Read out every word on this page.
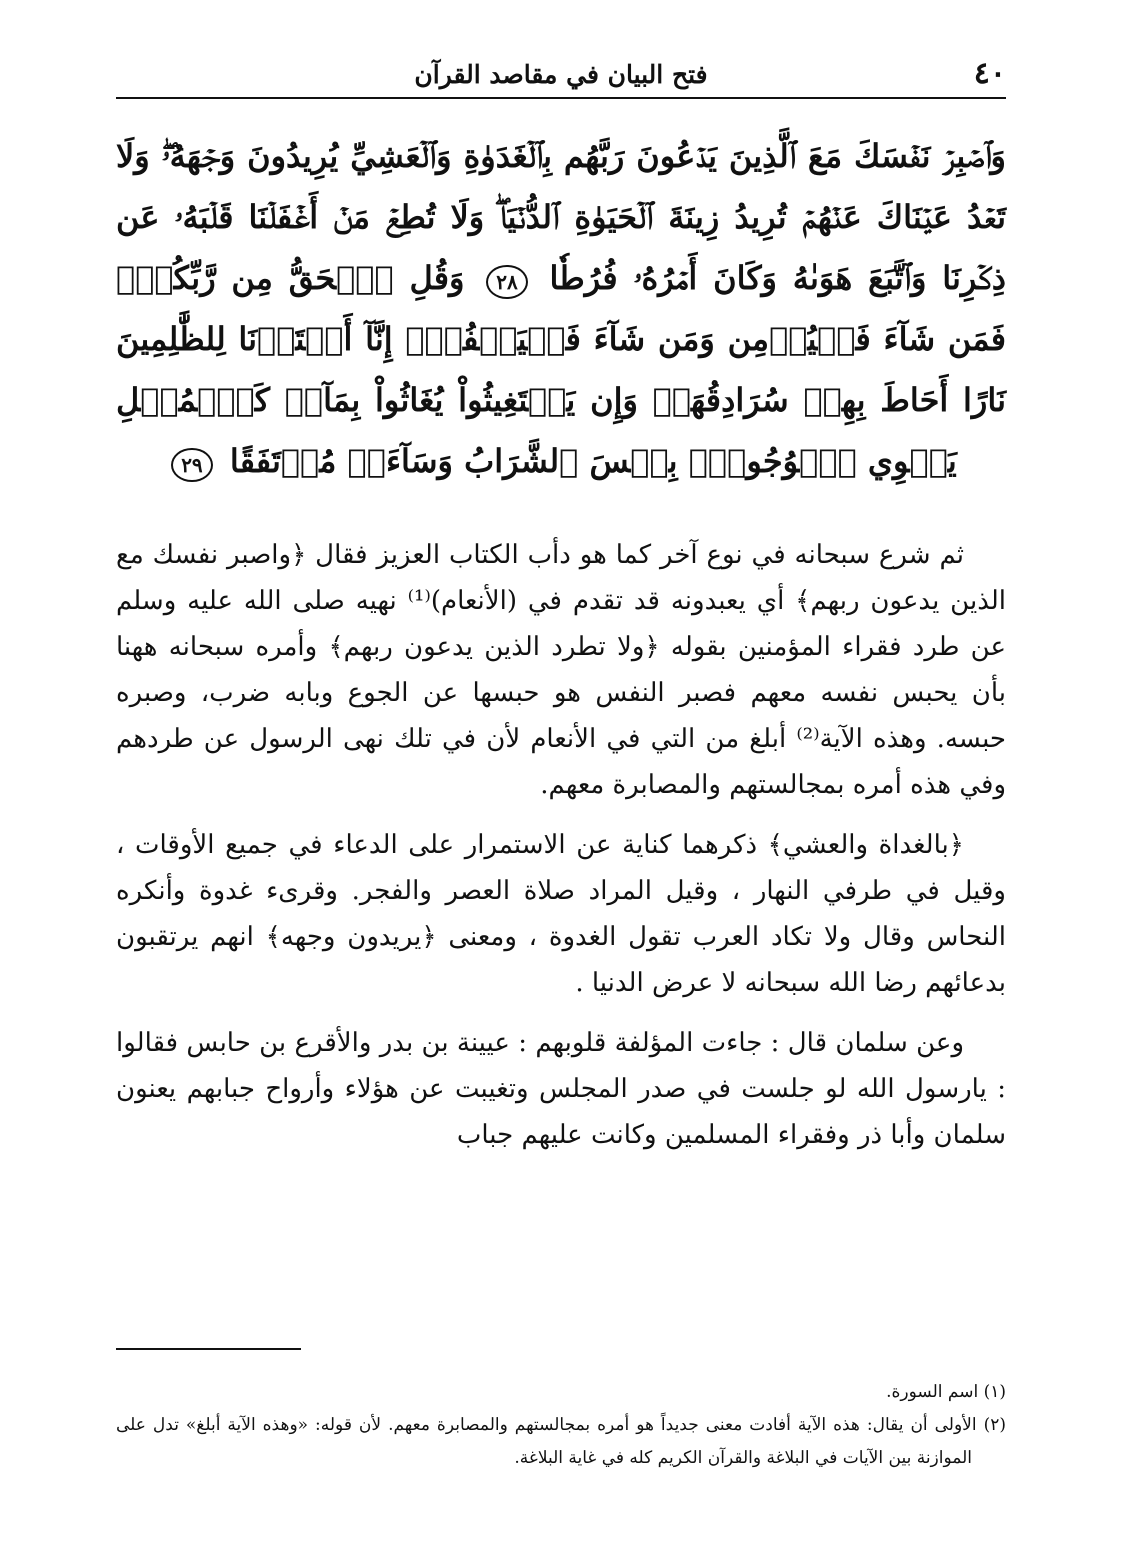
٤٠
فتح البيان في مقاصد القرآن
وَٱصۡبِرۡ نَفۡسَكَ مَعَ ٱلَّذِينَ يَدۡعُونَ رَبَّهُم بِٱلۡغَدَوٰةِ وَٱلۡعَشِيِّ يُرِيدُونَ وَجۡهَهُۥۖ وَلَا تَعۡدُ عَيۡنَاكَ عَنۡهُمۡ تُرِيدُ زِينَةَ ٱلۡحَيَوٰةِ ٱلدُّنۡيَاۖ وَلَا تُطِعۡ مَنۡ أَغۡفَلۡنَا قَلۡبَهُۥ عَن ذِكۡرِنَا وَٱتَّبَعَ هَوَىٰهُ وَكَانَ أَمۡرُهُۥ فُرُطٗا ٢٨ وَقُلِ ٱلۡحَقُّ مِن رَّبِّكُمۡۖ فَمَن شَآءَ فَلۡيُؤۡمِن وَمَن شَآءَ فَلۡيَكۡفُرۡۚ إِنَّآ أَعۡتَدۡنَا لِلظَّٰلِمِينَ نَارًا أَحَاطَ بِهِمۡ سُرَادِقُهَاۚ وَإِن يَسۡتَغِيثُواْ يُغَاثُواْ بِمَآءٖ كَٱلۡمُهۡلِ يَشۡوِي ٱلۡوُجُوهَۚ بِئۡسَ ٱلشَّرَابُ وَسَآءَتۡ مُرۡتَفَقًا ٢٩

ثم شرع سبحانه في نوع آخر كما هو دأب الكتاب العزيز فقال ﴿واصبر نفسك مع الذين يدعون ربهم﴾ أي يعبدونه قد تقدم في (الأنعام)⁽¹⁾ نهيه صلى الله عليه وسلم عن طرد فقراء المؤمنين بقوله ﴿ولا تطرد الذين يدعون ربهم﴾ وأمره سبحانه ههنا بأن يحبس نفسه معهم فصبر النفس هو حبسها عن الجوع وبابه ضرب، وصبره حبسه. وهذه الآية⁽²⁾ أبلغ من التي في الأنعام لأن في تلك نهى الرسول عن طردهم وفي هذه أمره بمجالستهم والمصابرة معهم.

﴿بالغداة والعشي﴾ ذكرهما كناية عن الاستمرار على الدعاء في جميع الأوقات ، وقيل في طرفي النهار ، وقيل المراد صلاة العصر والفجر. وقرىء غدوة وأنكره النحاس وقال ولا تكاد العرب تقول الغدوة ، ومعنى ﴿يريدون وجهه﴾ انهم يرتقبون بدعائهم رضا الله سبحانه لا عرض الدنيا .

وعن سلمان قال : جاءت المؤلفة قلوبهم : عيينة بن بدر والأقرع بن حابس فقالوا : يارسول الله لو جلست في صدر المجلس وتغيبت عن هؤلاء وأرواح جبابهم يعنون سلمان وأبا ذر وفقراء المسلمين وكانت عليهم جباب

(١) اسم السورة.

(٢) الأولى أن يقال: هذه الآية أفادت معنى جديداً هو أمره بمجالستهم والمصابرة معهم. لأن قوله: «وهذه الآية أبلغ» تدل على الموازنة بين الآيات في البلاغة والقرآن الكريم كله في غاية البلاغة.
